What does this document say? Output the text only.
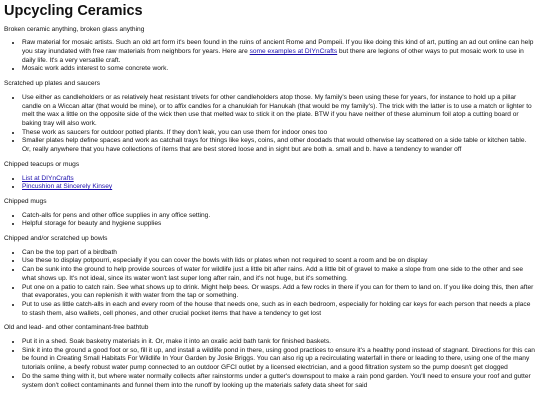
Upcycling Ceramics

Broken ceramic anything, broken glass anything

• Raw material for mosaic artists. Such an old art form it's been found in the ruins of ancient Rome and Pompeii. If you like doing this kind of art, putting an ad out online can help you stay inundated with free raw materials from neighbors for years. Here are some examples at DIYnCrafts but there are legions of other ways to put mosaic work to use in daily life. It's a very versatile craft.
• Mosaic work adds interest to some concrete work.

Scratched up plates and saucers

• Use either as candleholders or as relatively heat resistant trivets for other candleholders atop those. My family's been using these for years, for instance to hold up a pillar candle on a Wiccan altar (that would be mine), or to affix candles for a chanukiah for Hanukah (that would be my family's). The trick with the latter is to use a match or lighter to melt the wax a little on the opposite side of the wick then use that melted wax to stick it on the plate. BTW if you have neither of these aluminum foil atop a cutting board or baking tray will also work.
• These work as saucers for outdoor potted plants. If they don't leak, you can use them for indoor ones too
• Smaller plates help define spaces and work as catchall trays for things like keys, coins, and other doodads that would otherwise lay scattered on a side table or kitchen table. Or, really anywhere that you have collections of items that are best stored loose and in sight but are both a. small and b. have a tendency to wander off

Chipped teacups or mugs

• List at DIYnCrafts
• Pincushion at Sincerely Kinsey

Chipped mugs

• Catch-alls for pens and other office supplies in any office setting.
• Helpful storage for beauty and hygiene supplies

Chipped and/or scratched up bowls

• Can be the top part of a birdbath
• Use these to display potpourri, especially if you can cover the bowls with lids or plates when not required to scent a room and be on display
• Can be sunk into the ground to help provide sources of water for wildlife just a little bit after rains. Add a little bit of gravel to make a slope from one side to the other and see what shows up. It's not ideal, since its water won't last super long after rain, and it's not huge, but it's something.
• Put one on a patio to catch rain. See what shows up to drink. Might help bees. Or wasps. Add a few rocks in there if you can for them to land on. If you like doing this, then after that evaporates, you can replenish it with water from the tap or something.
• Put to use as little catch-alls in each and every room of the house that needs one, such as in each bedroom, especially for holding car keys for each person that needs a place to stash them, also wallets, cell phones, and other crucial pocket items that have a tendency to get lost

Old and lead- and other contaminant-free bathtub

• Put it in a shed. Soak basketry materials in it. Or, make it into an oxalic acid bath tank for finished baskets.
• Sink it into the ground a good foot or so, fill it up, and install a wildlife pond in there, using good practices to ensure it's a healthy pond instead of stagnant. Directions for this can be found in Creating Small Habitats For Wildlife In Your Garden by Josie Briggs. You can also rig up a recirculating waterfall in there or leading to there, using one of the many tutorials online, a beefy robust water pump connected to an outdoor GFCI outlet by a licensed electrician, and a good filtration system so the pump doesn't get clogged
• Do the same thing with it, but where water normally collects after rainstorms under a gutter's downspout to make a rain pond garden. You'll need to ensure your roof and gutter system don't collect contaminants and funnel them into the runoff by looking up the materials safety data sheet for said
